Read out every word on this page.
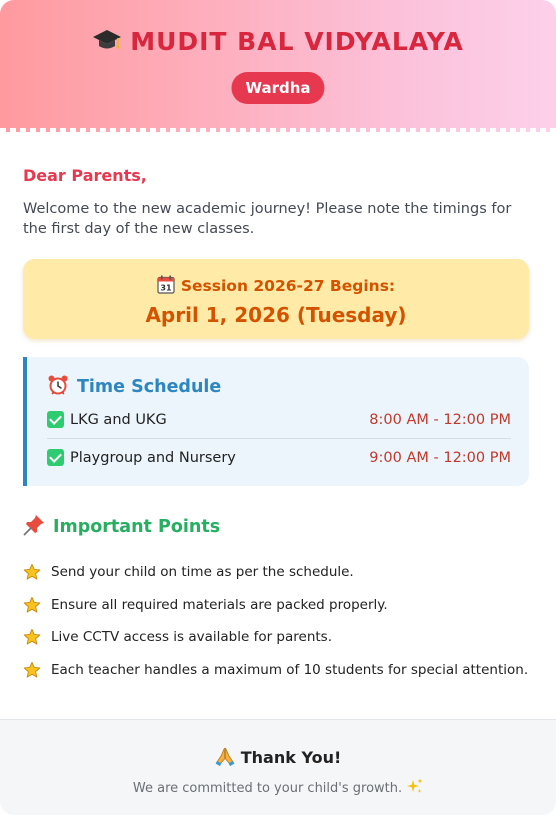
MUDIT BAL VIDYALAYA
Wardha
Dear Parents,
Welcome to the new academic journey! Please note the timings for the first day of the new classes.
31 Session 2026-27 Begins:
April 1, 2026 (Tuesday)
Time Schedule
LKG and UKG	8:00 AM - 12:00 PM
Playgroup and Nursery	9:00 AM - 12:00 PM
Important Points
Send your child on time as per the schedule.
Ensure all required materials are packed properly.
Live CCTV access is available for parents.
Each teacher handles a maximum of 10 students for special attention.
Thank You!
We are committed to your child's growth.
